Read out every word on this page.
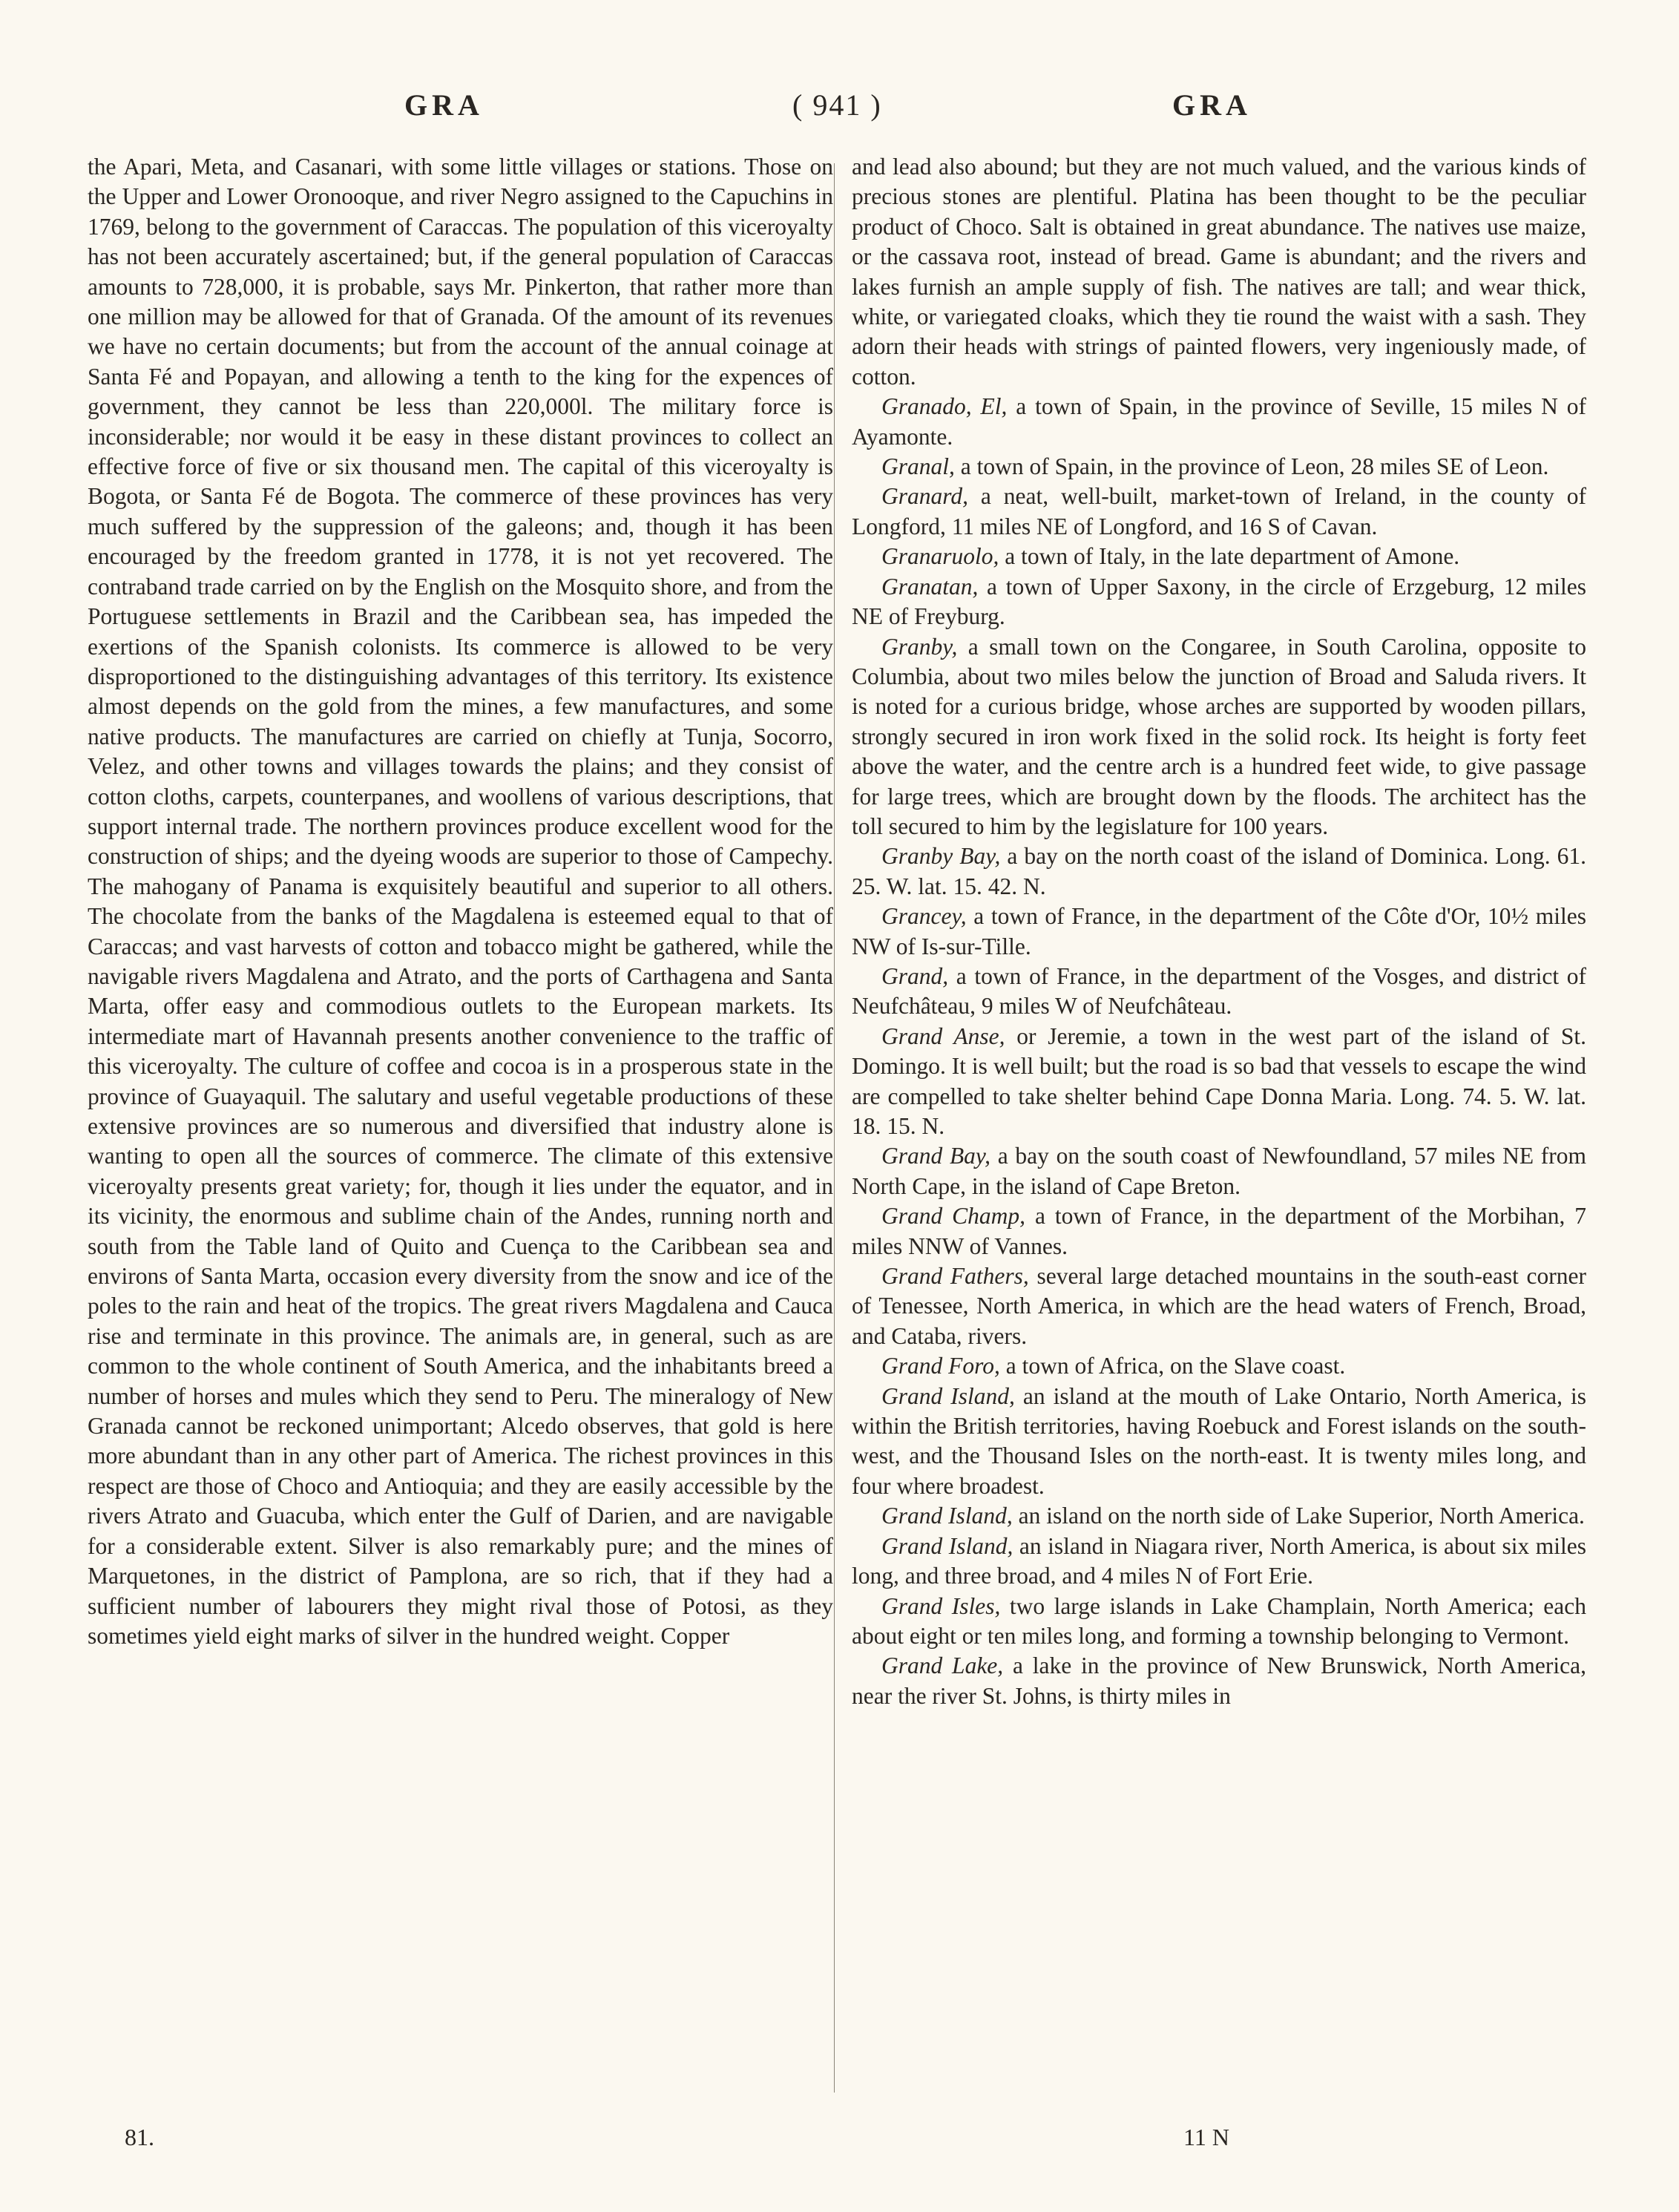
GRA	( 941 )	GRA

the Apari, Meta, and Casanari, with some little villages or stations. Those on the Upper and Lower Oronooque, and river Negro assigned to the Capuchins in 1769, belong to the government of Caraccas. The population of this viceroyalty has not been accurately ascertained; but, if the general population of Caraccas amounts to 728,000, it is probable, says Mr. Pinkerton, that rather more than one million may be allowed for that of Granada. Of the amount of its revenues we have no certain documents; but from the account of the annual coinage at Santa Fé and Popayan, and allowing a tenth to the king for the expences of government, they cannot be less than 220,000l. The military force is inconsiderable; nor would it be easy in these distant provinces to collect an effective force of five or six thousand men. The capital of this viceroyalty is Bogota, or Santa Fé de Bogota. The commerce of these provinces has very much suffered by the suppression of the galeons; and, though it has been encouraged by the freedom granted in 1778, it is not yet recovered. The contraband trade carried on by the English on the Mosquito shore, and from the Portuguese settlements in Brazil and the Caribbean sea, has impeded the exertions of the Spanish colonists. Its commerce is allowed to be very disproportioned to the distinguishing advantages of this territory. Its existence almost depends on the gold from the mines, a few manufactures, and some native products. The manufactures are carried on chiefly at Tunja, Socorro, Velez, and other towns and villages towards the plains; and they consist of cotton cloths, carpets, counterpanes, and woollens of various descriptions, that support internal trade. The northern provinces produce excellent wood for the construction of ships; and the dyeing woods are superior to those of Campechy. The mahogany of Panama is exquisitely beautiful and superior to all others. The chocolate from the banks of the Magdalena is esteemed equal to that of Caraccas; and vast harvests of cotton and tobacco might be gathered, while the navigable rivers Magdalena and Atrato, and the ports of Carthagena and Santa Marta, offer easy and commodious outlets to the European markets. Its intermediate mart of Havannah presents another convenience to the traffic of this viceroyalty. The culture of coffee and cocoa is in a prosperous state in the province of Guayaquil. The salutary and useful vegetable productions of these extensive provinces are so numerous and diversified that industry alone is wanting to open all the sources of commerce. The climate of this extensive viceroyalty presents great variety; for, though it lies under the equator, and in its vicinity, the enormous and sublime chain of the Andes, running north and south from the Table land of Quito and Cuença to the Caribbean sea and environs of Santa Marta, occasion every diversity from the snow and ice of the poles to the rain and heat of the tropics. The great rivers Magdalena and Cauca rise and terminate in this province. The animals are, in general, such as are common to the whole continent of South America, and the inhabitants breed a number of horses and mules which they send to Peru. The mineralogy of New Granada cannot be reckoned unimportant; Alcedo observes, that gold is here more abundant than in any other part of America. The richest provinces in this respect are those of Choco and Antioquia; and they are easily accessible by the rivers Atrato and Guacuba, which enter the Gulf of Darien, and are navigable for a considerable extent. Silver is also remarkably pure; and the mines of Marquetones, in the district of Pamplona, are so rich, that if they had a sufficient number of labourers they might rival those of Potosi, as they sometimes yield eight marks of silver in the hundred weight. Copper

and lead also abound; but they are not much valued, and the various kinds of precious stones are plentiful. Platina has been thought to be the peculiar product of Choco. Salt is obtained in great abundance. The natives use maize, or the cassava root, instead of bread. Game is abundant; and the rivers and lakes furnish an ample supply of fish. The natives are tall; and wear thick, white, or variegated cloaks, which they tie round the waist with a sash. They adorn their heads with strings of painted flowers, very ingeniously made, of cotton.

Granado, El, a town of Spain, in the province of Seville, 15 miles N of Ayamonte.

Granal, a town of Spain, in the province of Leon, 28 miles SE of Leon.

Granard, a neat, well-built, market-town of Ireland, in the county of Longford, 11 miles NE of Longford, and 16 S of Cavan.

Granaruolo, a town of Italy, in the late department of Amone.

Granatan, a town of Upper Saxony, in the circle of Erzgeburg, 12 miles NE of Freyburg.

Granby, a small town on the Congaree, in South Carolina, opposite to Columbia, about two miles below the junction of Broad and Saluda rivers. It is noted for a curious bridge, whose arches are supported by wooden pillars, strongly secured in iron work fixed in the solid rock. Its height is forty feet above the water, and the centre arch is a hundred feet wide, to give passage for large trees, which are brought down by the floods. The architect has the toll secured to him by the legislature for 100 years.

Granby Bay, a bay on the north coast of the island of Dominica. Long. 61. 25. W. lat. 15. 42. N.

Grancey, a town of France, in the department of the Côte d'Or, 10½ miles NW of Is-sur-Tille.

Grand, a town of France, in the department of the Vosges, and district of Neufchâteau, 9 miles W of Neufchâteau.

Grand Anse, or Jeremie, a town in the west part of the island of St. Domingo. It is well built; but the road is so bad that vessels to escape the wind are compelled to take shelter behind Cape Donna Maria. Long. 74. 5. W. lat. 18. 15. N.

Grand Bay, a bay on the south coast of Newfoundland, 57 miles NE from North Cape, in the island of Cape Breton.

Grand Champ, a town of France, in the department of the Morbihan, 7 miles NNW of Vannes.

Grand Fathers, several large detached mountains in the south-east corner of Tenessee, North America, in which are the head waters of French, Broad, and Cataba, rivers.

Grand Foro, a town of Africa, on the Slave coast.

Grand Island, an island at the mouth of Lake Ontario, North America, is within the British territories, having Roebuck and Forest islands on the south-west, and the Thousand Isles on the north-east. It is twenty miles long, and four where broadest.

Grand Island, an island on the north side of Lake Superior, North America.

Grand Island, an island in Niagara river, North America, is about six miles long, and three broad, and 4 miles N of Fort Erie.

Grand Isles, two large islands in Lake Champlain, North America; each about eight or ten miles long, and forming a township belonging to Vermont.

Grand Lake, a lake in the province of New Brunswick, North America, near the river St. Johns, is thirty miles in

81.	11 N
